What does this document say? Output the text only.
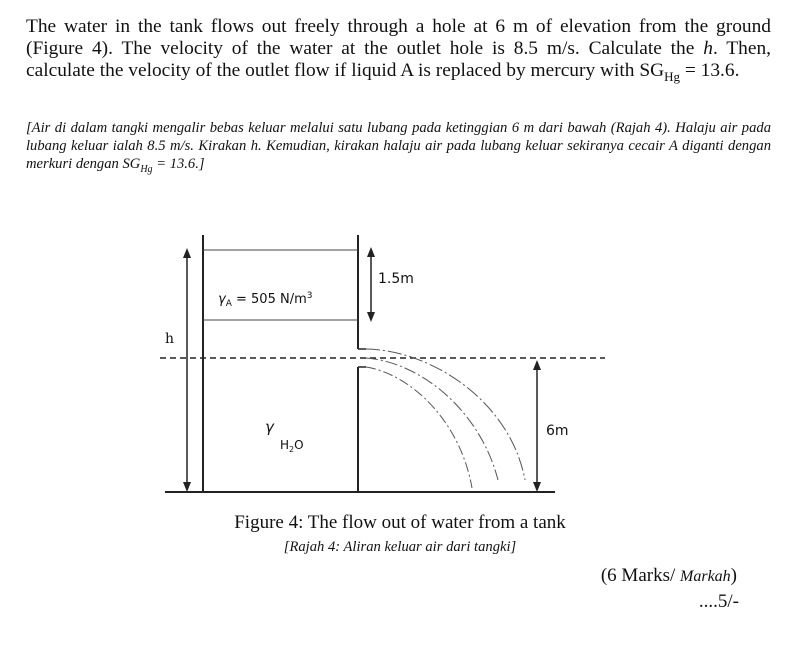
The water in the tank flows out freely through a hole at 6 m of elevation from the ground (Figure 4). The velocity of the water at the outlet hole is 8.5 m/s. Calculate the h. Then, calculate the velocity of the outlet flow if liquid A is replaced by mercury with $SG_{Hg} = 13.6$.
[Air di dalam tangki mengalir bebas keluar melalui satu lubang pada ketinggian 6 m dari bawah (Rajah 4). Halaju air pada lubang keluar ialah 8.5 m/s. Kirakan h. Kemudian, kirakan halaju air pada lubang keluar sekiranya cecair A diganti dengan merkuri dengan $SG_{Hg} = 13.6$.]
h
1.5m
6m
$\gamma_A = 505$ $N/m^3$
$\gamma H_2^O$
Figure 4: The flow out of water from a tank
[Rajah 4: Aliran keluar air dari tangki]
(6 Marks/ Markah)
....5/-
